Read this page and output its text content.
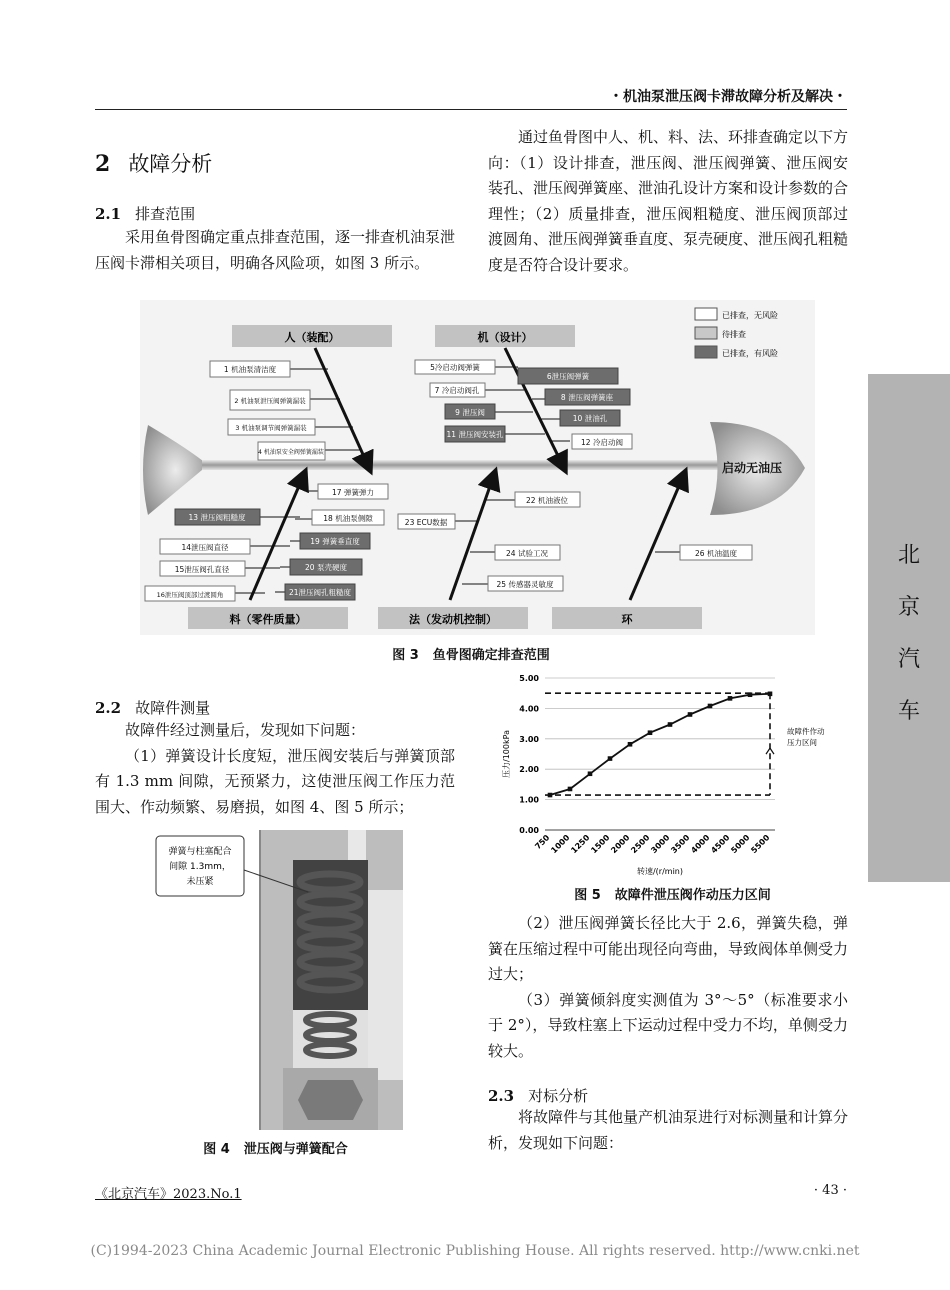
・机油泵泄压阀卡滞故障分析及解决・
2 故障分析
2.1 排查范围

采用鱼骨图确定重点排查范围，逐一排查机油泵泄压阀卡滞相关项目，明确各风险项，如图 3 所示。

通过鱼骨图中人、机、料、法、环排查确定以下方向：（1）设计排查，泄压阀、泄压阀弹簧、泄压阀安装孔、泄压阀弹簧座、泄油孔设计方案和设计参数的合理性；（2）质量排查，泄压阀粗糙度、泄压阀顶部过渡圆角、泄压阀弹簧垂直度、泵壳硬度、泄压阀孔粗糙度是否符合设计要求。

启动无油压
人（装配）	机（设计）
料（零件质量）	法（发动机控制）	环
已排查，无风险
待排查
已排查，有风险
1 机油泵清洁度
2 机油泵泄压阀弹簧漏装
3 机油泵调节阀弹簧漏装
4 机油泵安全阀弹簧漏装
5冷启动阀弹簧
7 冷启动阀孔
12 冷启动阀
17 弹簧弹力
18 机油泵侧隙
14泄压阀直径
15泄压阀孔直径
16泄压阀顶部过渡圆角
22 机油液位
23 ECU数据
24 试验工况
25 传感器灵敏度
26 机油温度
6泄压阀弹簧
8 泄压阀弹簧座
9 泄压阀
10 泄油孔
11 泄压阀安装孔
13 泄压阀粗糙度
19 弹簧垂直度
20 泵壳硬度
21泄压阀孔粗糙度
图 3 鱼骨图确定排查范围
2.2 故障件测量

故障件经过测量后，发现如下问题：

（1）弹簧设计长度短，泄压阀安装后与弹簧顶部有 1.3 mm 间隙，无预紧力，这使泄压阀工作压力范围大、作动频繁、易磨损，如图 4、图 5 所示；

弹簧与柱塞配合
间隙 1.3mm，
未压紧
图 4 泄压阀与弹簧配合
0.00
1.00
2.00
3.00
4.00
5.00
750
1000
1250
1500
2000
2500
3000
3500
4000
4500
5000
5500
压力/100kPa
转速/(r/min)
故障件作动
压力区间
图 5 故障件泄压阀作动压力区间

（2）泄压阀弹簧长径比大于 2.6，弹簧失稳，弹簧在压缩过程中可能出现径向弯曲，导致阀体单侧受力过大；

（3）弹簧倾斜度实测值为 3°～5°（标准要求小于 2°），导致柱塞上下运动过程中受力不均，单侧受力较大。

2.3 对标分析

将故障件与其他量产机油泵进行对标测量和计算分析，发现如下问题：

北
京
汽
车
《北京汽车》2023.No.1	· 43 ·
(C)1994-2023 China Academic Journal Electronic Publishing House. All rights reserved. http://www.cnki.net
